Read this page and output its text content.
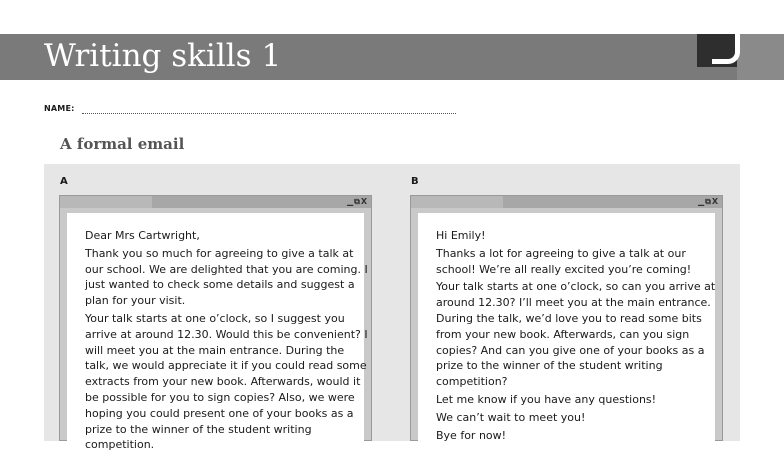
Writing skills 1
NAME:
A formal email
A	B
▁⧉X

Dear Mrs Cartwright,

Thank you so much for agreeing to give a talk at our school. We are delighted that you are coming. I just wanted to check some details and suggest a plan for your visit.

Your talk starts at one o’clock, so I suggest you arrive at around 12.30. Would this be convenient? I will meet you at the main entrance. During the talk, we would appreciate it if you could read some extracts from your new book. Afterwards, would it be possible for you to sign copies? Also, we were hoping you could present one of your books as a prize to the winner of the student writing competition.

▁⧉X

Hi Emily!

Thanks a lot for agreeing to give a talk at our school! We’re all really excited you’re coming!

Your talk starts at one o’clock, so can you arrive at around 12.30? I’ll meet you at the main entrance. During the talk, we’d love you to read some bits from your new book. Afterwards, can you sign copies? And can you give one of your books as a prize to the winner of the student writing competition?

Let me know if you have any questions!

We can’t wait to meet you!

Bye for now!
